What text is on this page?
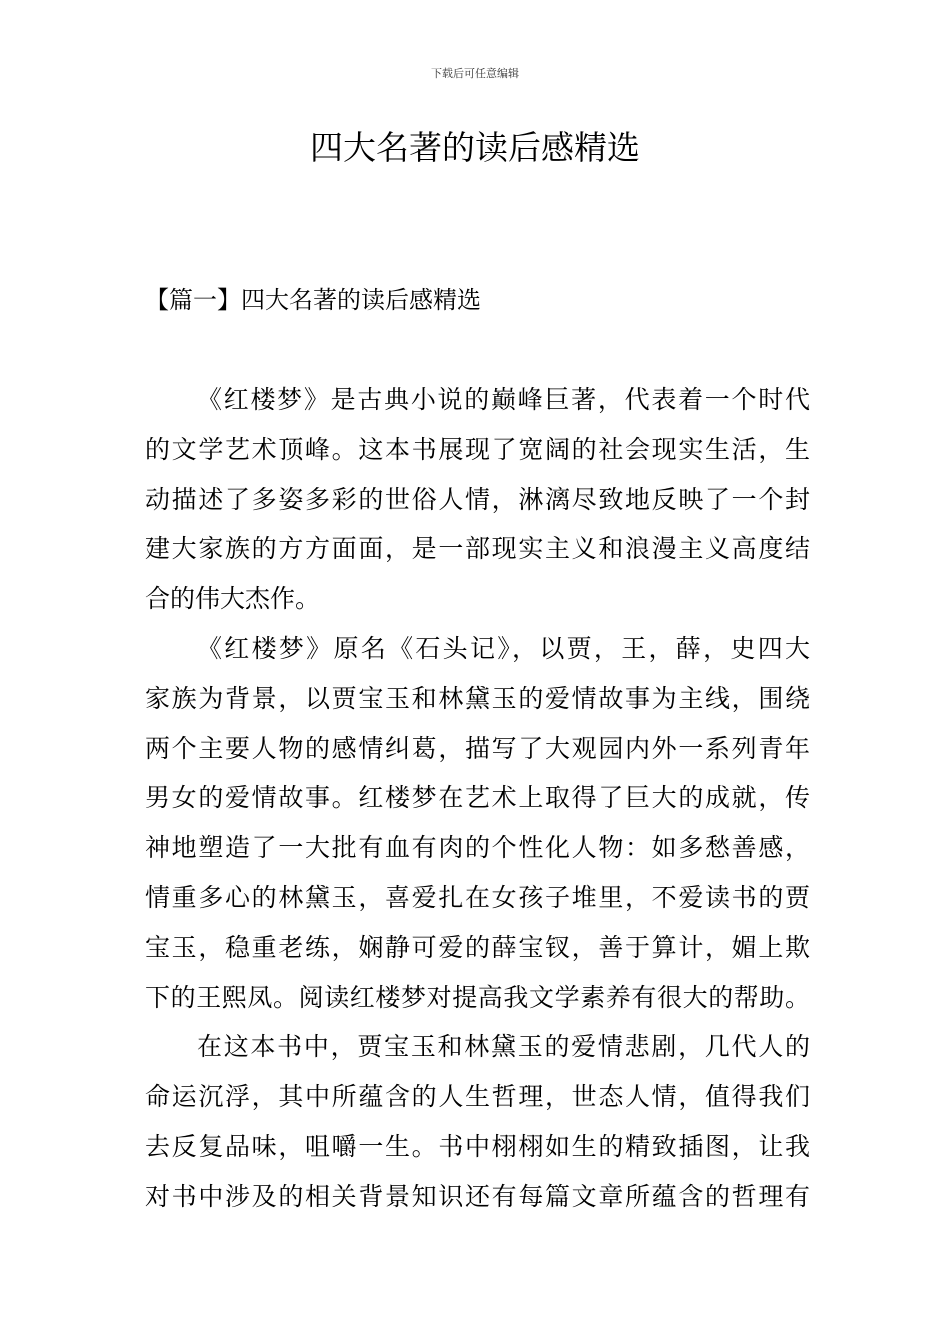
下载后可任意编辑
四大名著的读后感精选
【篇一】四大名著的读后感精选

《红楼梦》是古典小说的巅峰巨著，代表着一个时代
的文学艺术顶峰。这本书展现了宽阔的社会现实生活，生
动描述了多姿多彩的世俗人情，淋漓尽致地反映了一个封
建大家族的方方面面，是一部现实主义和浪漫主义高度结
合的伟大杰作。

《红楼梦》原名《石头记》，以贾，王，薛，史四大
家族为背景，以贾宝玉和林黛玉的爱情故事为主线，围绕
两个主要人物的感情纠葛，描写了大观园内外一系列青年
男女的爱情故事。红楼梦在艺术上取得了巨大的成就，传
神地塑造了一大批有血有肉的个性化人物：如多愁善感，
情重多心的林黛玉，喜爱扎在女孩子堆里，不爱读书的贾
宝玉，稳重老练，娴静可爱的薛宝钗，善于算计，媚上欺
下的王熙凤。阅读红楼梦对提高我文学素养有很大的帮助。

在这本书中，贾宝玉和林黛玉的爱情悲剧，几代人的
命运沉浮，其中所蕴含的人生哲理，世态人情，值得我们
去反复品味，咀嚼一生。书中栩栩如生的精致插图，让我
对书中涉及的相关背景知识还有每篇文章所蕴含的哲理有
